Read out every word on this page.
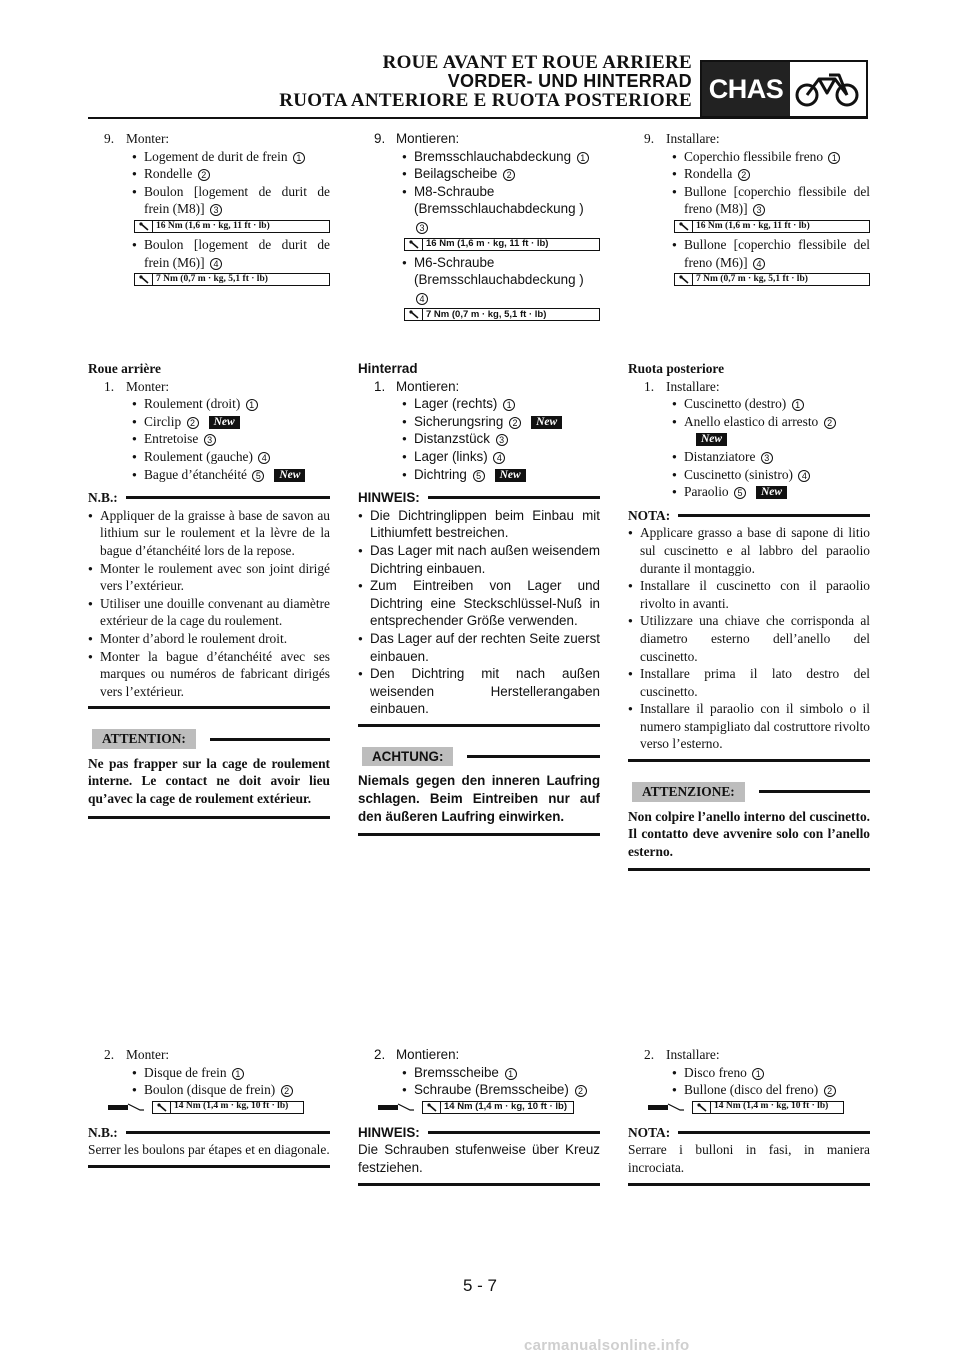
ROUE AVANT ET ROUE ARRIERE
VORDER- UND HINTERRAD
RUOTA ANTERIORE E RUOTA POSTERIORE CHAS
9. Monter:
● Logement de durit de frein 1
● Rondelle 2
● Boulon [logement de durit de frein (M8)] 3
16 Nm (1,6 m · kg, 11 ft · lb)
● Boulon [logement de durit de frein (M6)] 4
7 Nm (0,7 m · kg, 5,1 ft · lb)
Roue arrière
1. Monter:
● Roulement (droit) 1
● Circlip 2 New
● Entretoise 3
● Roulement (gauche) 4
● Bague d’étanchéité 5 New
N.B.:
● Appliquer de la graisse à base de savon au lithium sur le roulement et la lèvre de la bague d’étanchéité lors de la repose.
● Monter le roulement avec son joint dirigé vers l’extérieur.
● Utiliser une douille convenant au diamètre extérieur de la cage du roulement.
● Monter d’abord le roulement droit.
● Monter la bague d’étanchéité avec ses marques ou numéros de fabricant dirigés vers l’extérieur.
ATTENTION:
Ne pas frapper sur la cage de roulement interne. Le contact ne doit avoir lieu qu’avec la cage de roulement extérieur.
2. Monter:
● Disque de frein 1
● Boulon (disque de frein) 2
14 Nm (1,4 m · kg, 10 ft · lb)
N.B.:
Serrer les boulons par étapes et en diagonale.
9. Montieren:
● Bremsschlauchabdeckung 1
● Beilagscheibe 2
● M8-Schraube (Bremsschlauchabdeckung ) 3
16 Nm (1,6 m · kg, 11 ft · lb)
● M6-Schraube (Bremsschlauchabdeckung ) 4
7 Nm (0,7 m · kg, 5,1 ft · lb)
Hinterrad
1. Montieren:
● Lager (rechts) 1
● Sicherungsring 2 New
● Distanzstück 3
● Lager (links) 4
● Dichtring 5 New
HINWEIS:
● Die Dichtringlippen beim Einbau mit Lithiumfett bestreichen.
● Das Lager mit nach außen weisendem Dichtring einbauen.
● Zum Eintreiben von Lager und Dichtring eine Steckschlüssel-Nuß in entsprechender Größe verwenden.
● Das Lager auf der rechten Seite zuerst einbauen.
● Den Dichtring mit nach außen weisenden Herstellerangaben einbauen.
ACHTUNG:
Niemals gegen den inneren Laufring schlagen. Beim Eintreiben nur auf den äußeren Laufring einwirken.
2. Montieren:
● Bremsscheibe 1
● Schraube (Bremsscheibe) 2
14 Nm (1,4 m · kg, 10 ft · lb)
HINWEIS:
Die Schrauben stufenweise über Kreuz festziehen.
9. Installare:
● Coperchio flessibile freno 1
● Rondella 2
● Bullone [coperchio flessibile del freno (M8)] 3
16 Nm (1,6 m · kg, 11 ft · lb)
● Bullone [coperchio flessibile del freno (M6)] 4
7 Nm (0,7 m · kg, 5,1 ft · lb)
Ruota posteriore
1. Installare:
● Cuscinetto (destro) 1
● Anello elastico di arresto 2
New
● Distanziatore 3
● Cuscinetto (sinistro) 4
● Paraolio 5 New
NOTA:
● Applicare grasso a base di sapone di litio sul cuscinetto e al labbro del paraolio durante il montaggio.
● Installare il cuscinetto con il paraolio rivolto in avanti.
● Utilizzare una chiave che corrisponda al diametro esterno dell’anello del cuscinetto.
● Installare prima il lato destro del cuscinetto.
● Installare il paraolio con il simbolo o il numero stampigliato dal costruttore rivolto verso l’esterno.
ATTENZIONE:
Non colpire l’anello interno del cuscinetto. Il contatto deve avvenire solo con l’anello esterno.
2. Installare:
● Disco freno 1
● Bullone (disco del freno) 2
14 Nm (1,4 m · kg, 10 ft · lb)
NOTA:
Serrare i bulloni in fasi, in maniera incrociata.
5 - 7
carmanualsonline.info
